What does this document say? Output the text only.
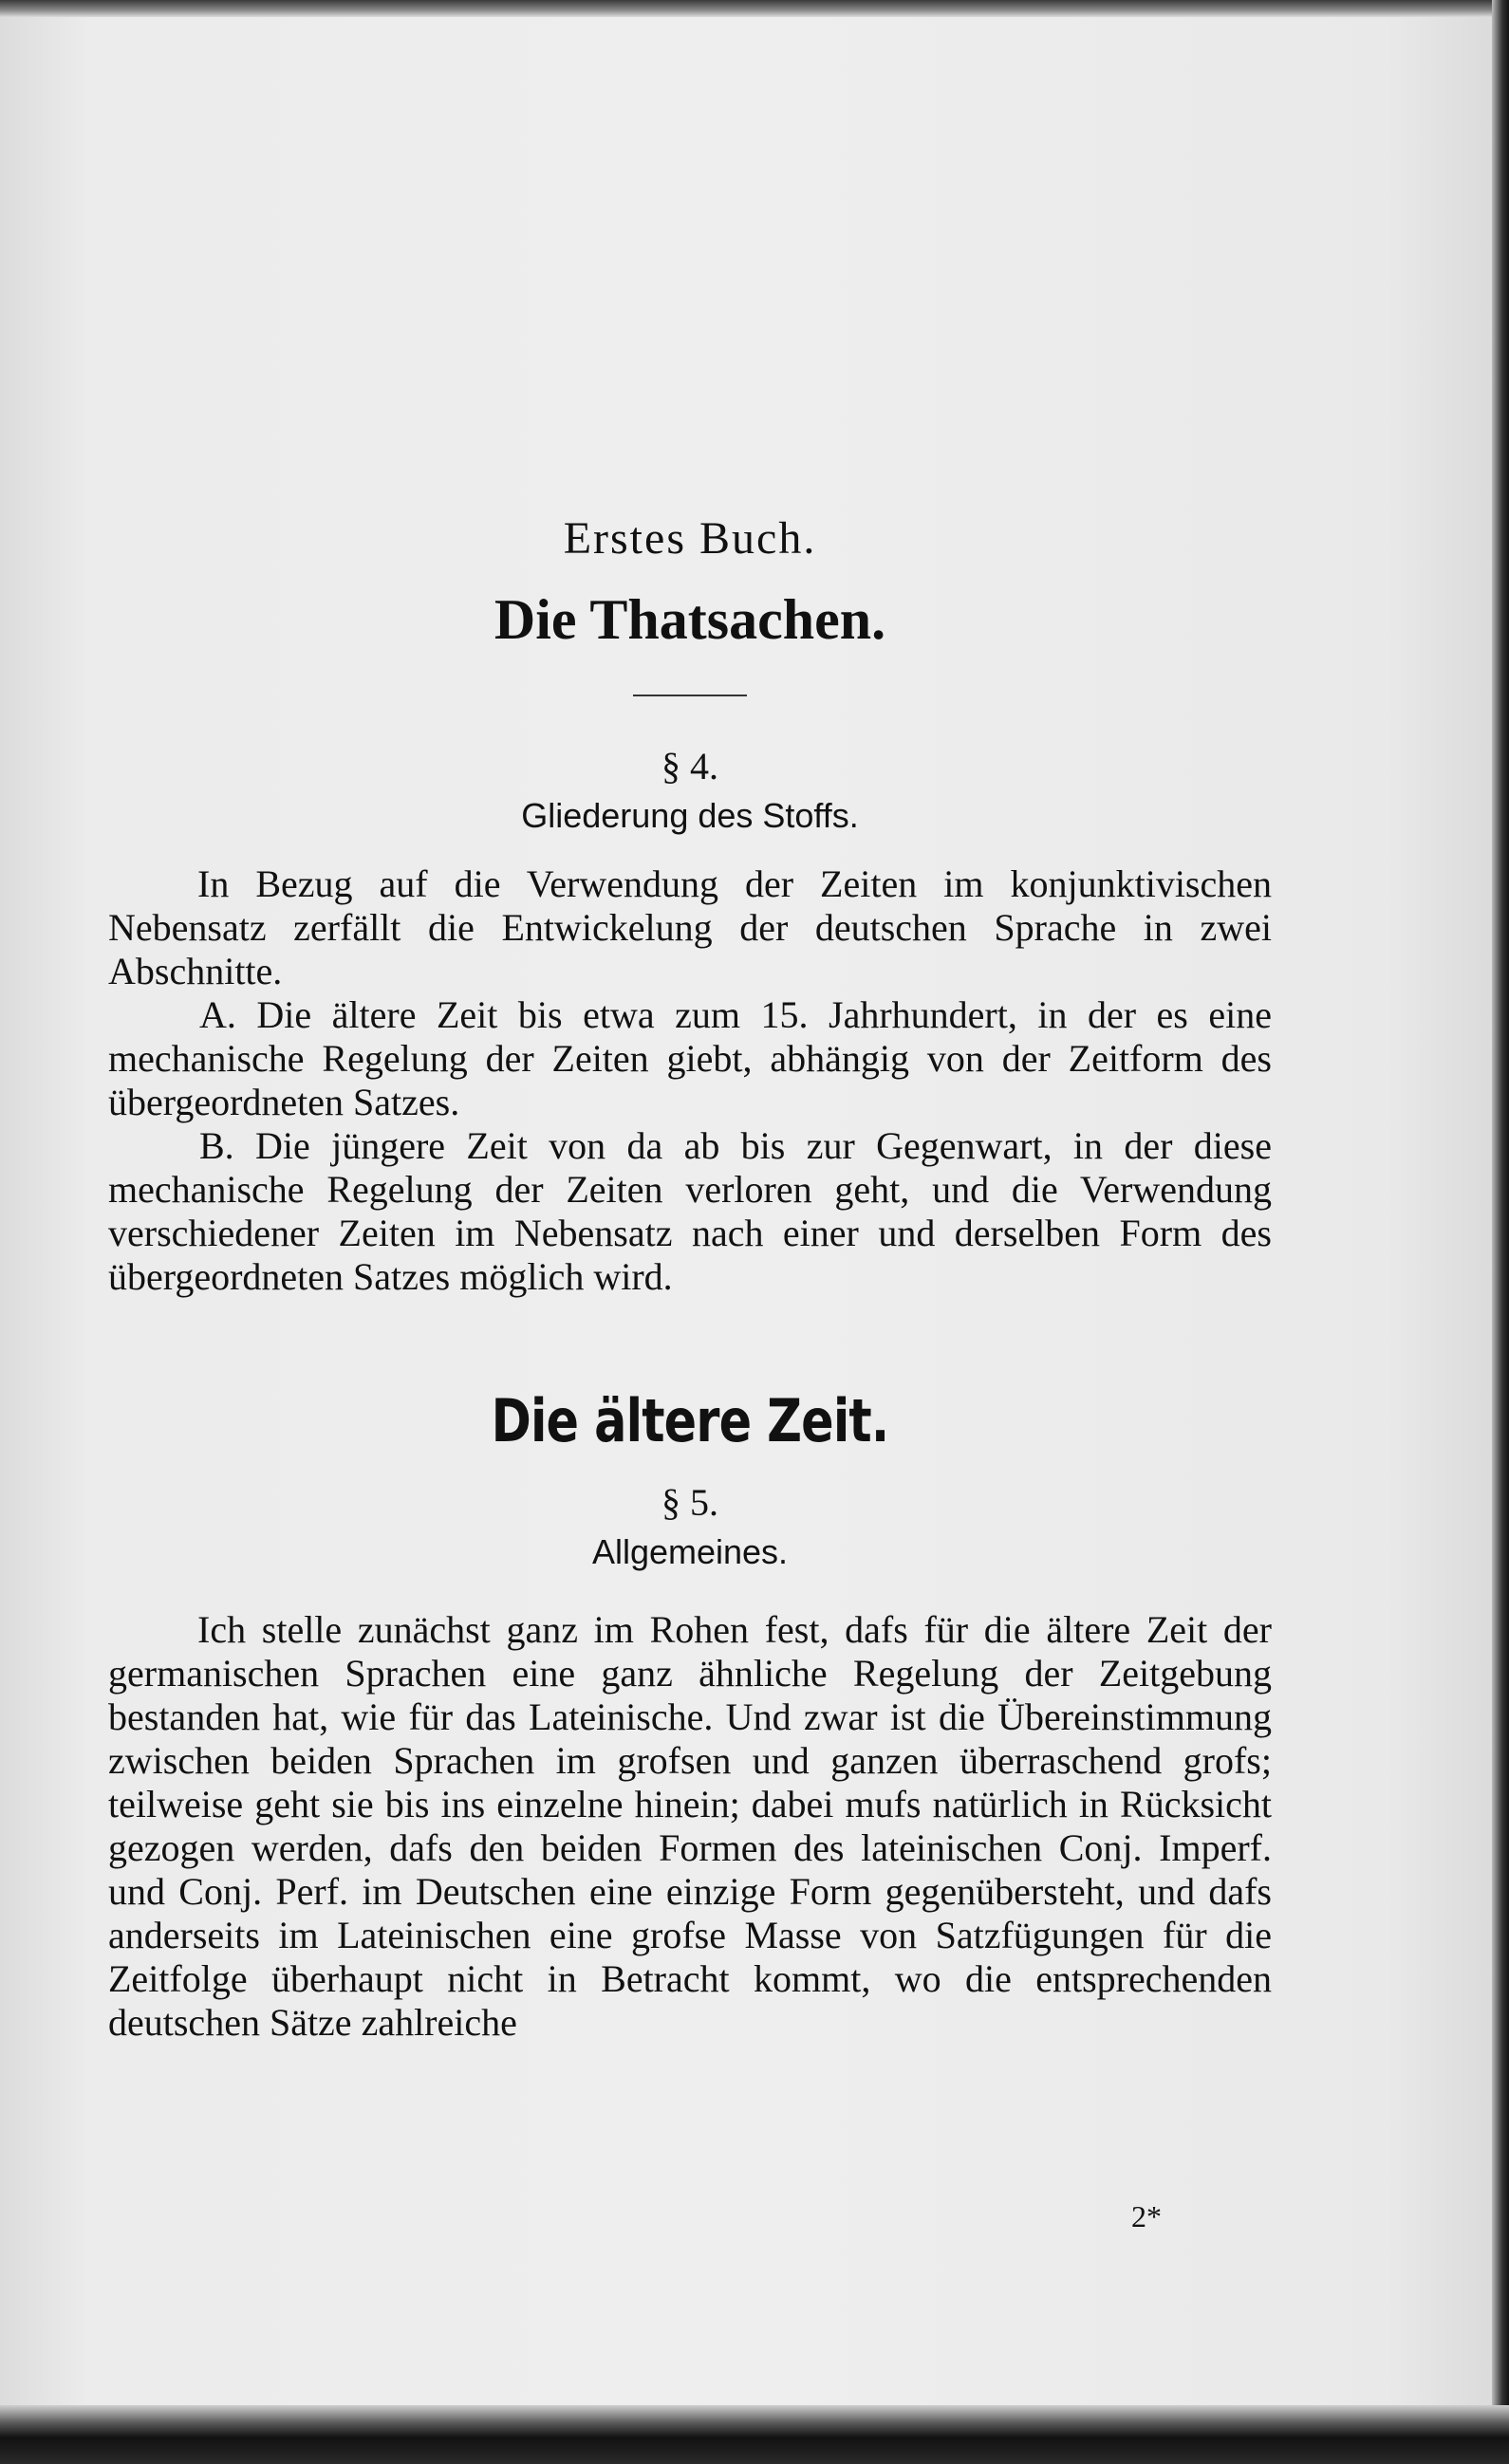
Erstes Buch.
Die Thatsachen.
§ 4.
Gliederung des Stoffs.

In Bezug auf die Verwendung der Zeiten im konjunktivischen Nebensatz zerfällt die Entwickelung der deutschen Sprache in zwei Abschnitte.

A. Die ältere Zeit bis etwa zum 15. Jahrhundert, in der es eine mechanische Regelung der Zeiten giebt, abhängig von der Zeitform des übergeordneten Satzes.

B. Die jüngere Zeit von da ab bis zur Gegenwart, in der diese mechanische Regelung der Zeiten verloren geht, und die Verwendung verschiedener Zeiten im Nebensatz nach einer und derselben Form des übergeordneten Satzes möglich wird.

Die ältere Zeit.
§ 5.
Allgemeines.

Ich stelle zunächst ganz im Rohen fest, dafs für die ältere Zeit der germanischen Sprachen eine ganz ähnliche Regelung der Zeitgebung bestanden hat, wie für das Lateinische. Und zwar ist die Übereinstimmung zwischen beiden Sprachen im grofsen und ganzen überraschend grofs; teilweise geht sie bis ins einzelne hinein; dabei mufs natürlich in Rücksicht gezogen werden, dafs den beiden Formen des lateinischen Conj. Imperf. und Conj. Perf. im Deutschen eine einzige Form gegenübersteht, und dafs anderseits im Lateinischen eine grofse Masse von Satzfügungen für die Zeitfolge überhaupt nicht in Betracht kommt, wo die entsprechenden deutschen Sätze zahlreiche

2*
